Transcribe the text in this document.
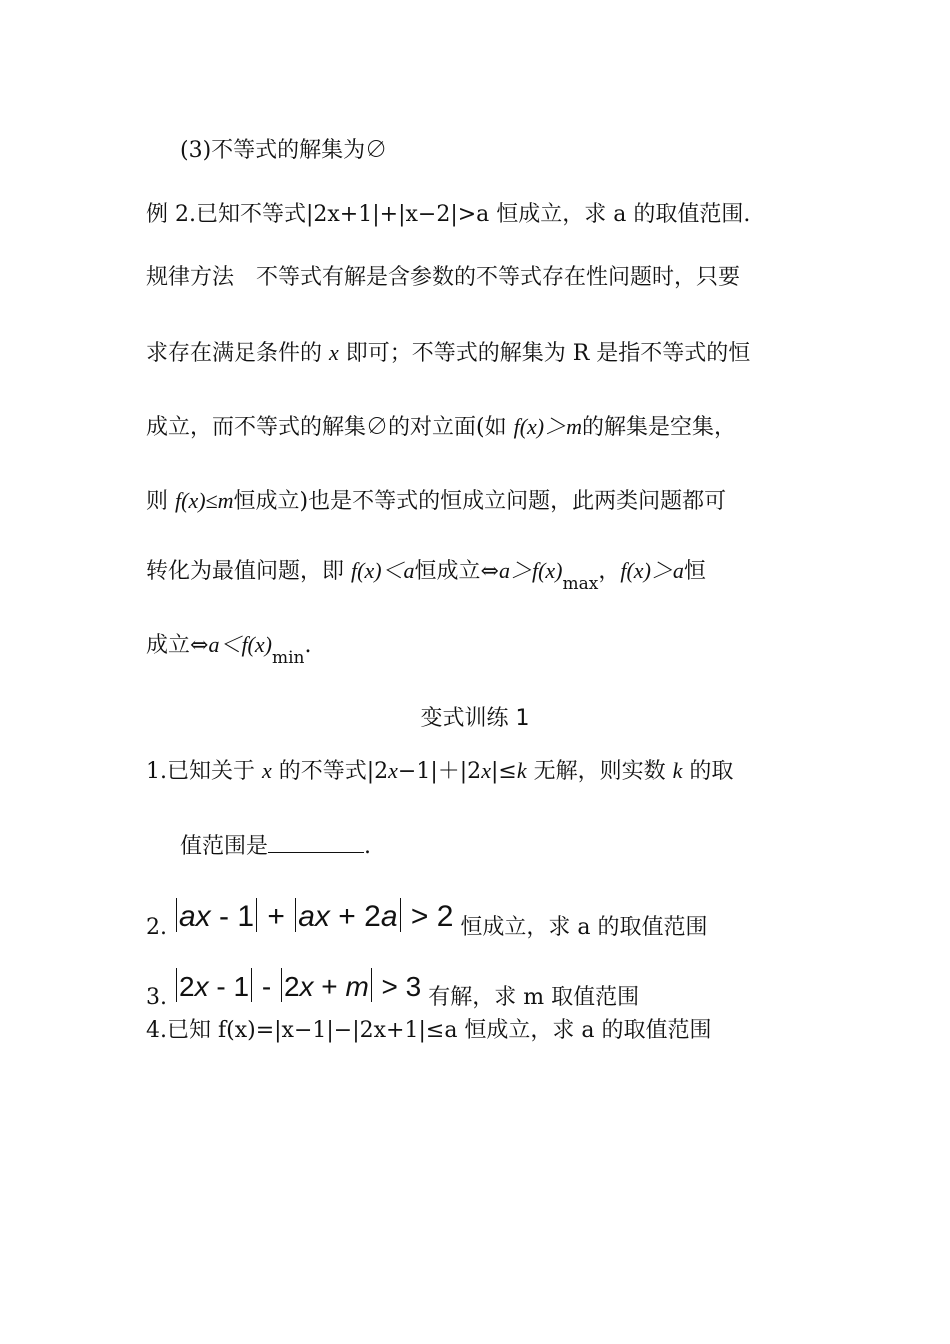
(3)不等式的解集为∅
例 2.已知不等式|2x+1|+|x−2|>a 恒成立，求 a 的取值范围.
规律方法　不等式有解是含参数的不等式存在性问题时，只要
求存在满足条件的 x 即可；不等式的解集为 R 是指不等式的恒
成立，而不等式的解集∅的对立面(如 f(x)＞m的解集是空集，
则 f(x)≤m恒成立)也是不等式的恒成立问题，此两类问题都可
转化为最值问题，即 f(x)＜a恒成立$\Leftrightarrow a>f(x)_{max}$，f(x)＞a恒
成立$\Leftrightarrow a<f(x)_{min}$.
变式训练 1
1.已知关于 x 的不等式|2x−1|＋|2x|≤k 无解，则实数 k 的取
值范围是	.
2. ax - 1 + ax + 2a > 2 恒成立，求 a 的取值范围
3. 2x - 1 - 2x + m > 3 有解，求 m 取值范围
4.已知 f(x)=|x−1|−|2x+1|≤a 恒成立，求 a 的取值范围
